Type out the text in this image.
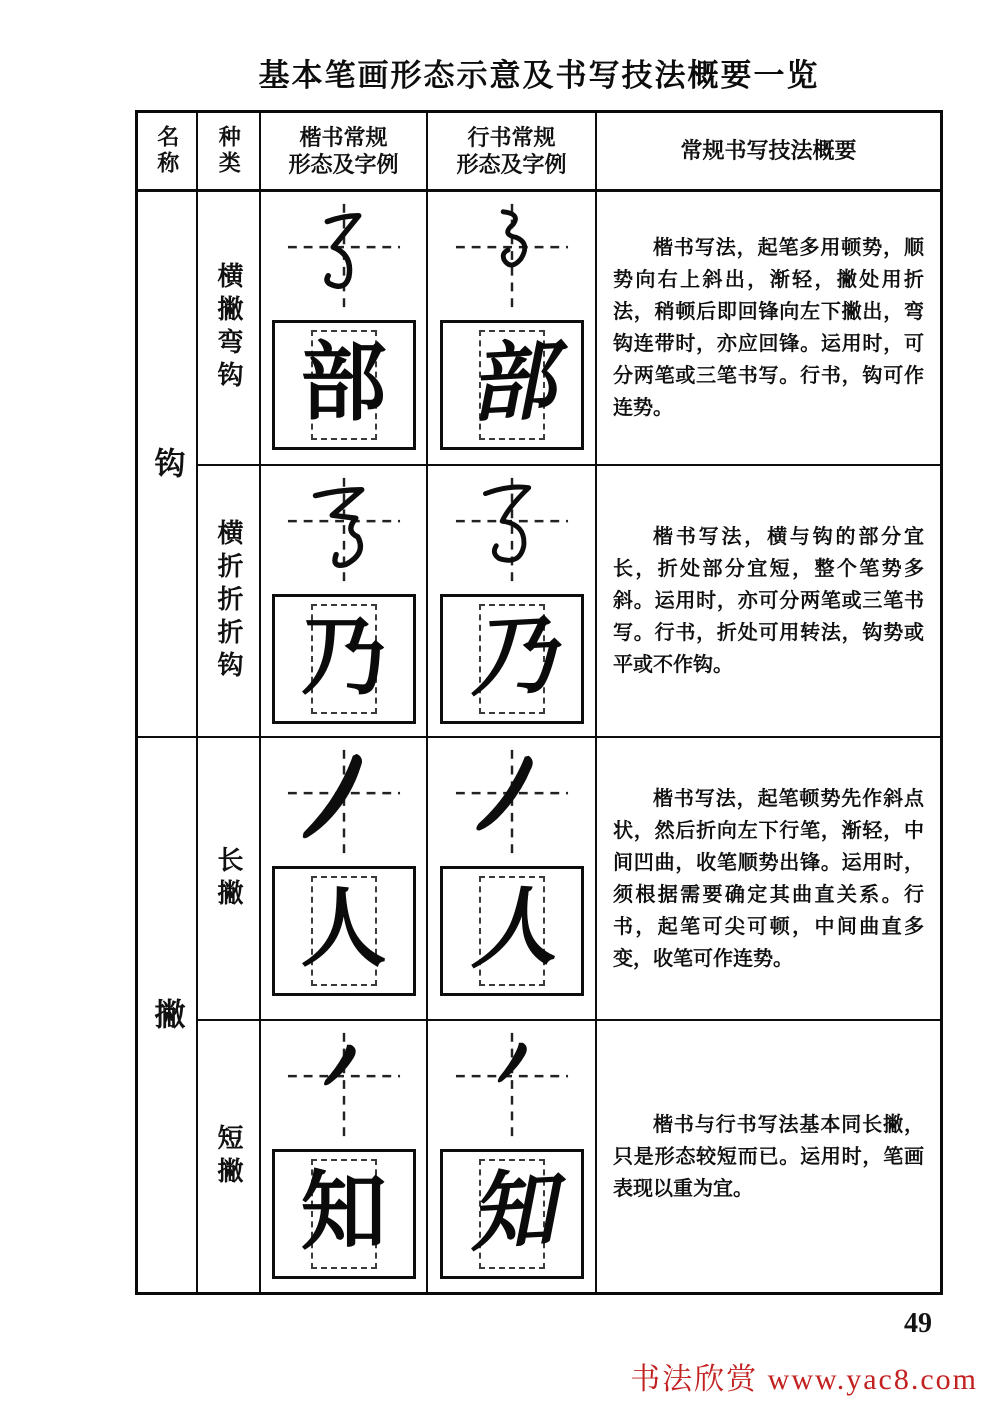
基本笔画形态示意及书写技法概要一览
名称 种类	楷书常规
形态及字例
行书常规
形态及字例
常规书写技法概要
钩
横撇弯钩 部 部

楷书写法，起笔多用顿势，顺势向右上斜出，渐轻，撇处用折法，稍顿后即回锋向左下撇出，弯钩连带时，亦应回锋。运用时，可分两笔或三笔书写。行书，钩可作连势。

横折折折钩 乃 乃

楷书写法，横与钩的部分宜长，折处部分宜短，整个笔势多斜。运用时，亦可分两笔或三笔书写。行书，折处可用转法，钩势或平或不作钩。

撇
长撇
人 人

楷书写法，起笔顿势先作斜点状，然后折向左下行笔，渐轻，中间凹曲，收笔顺势出锋。运用时，须根据需要确定其曲直关系。行书，起笔可尖可顿，中间曲直多变，收笔可作连势。

短撇
知 知

楷书与行书写法基本同长撇，只是形态较短而已。运用时，笔画表现以重为宜。

49
书法欣赏 www.yac8.com
